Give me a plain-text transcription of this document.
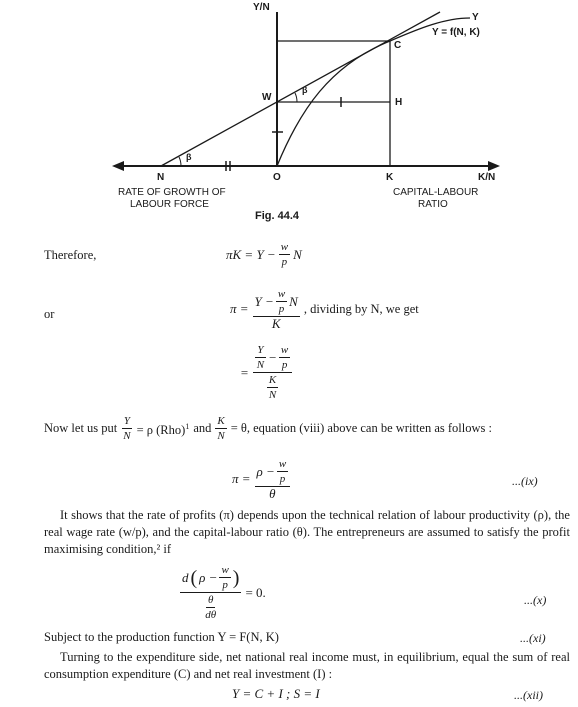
Y/N
Y
Y = f(N, K)
C
W	H
β
β
N	O	K	K/N
RATE OF GROWTH OF
LABOUR FORCE
CAPITAL-LABOUR
RATIO
Fig. 44.4
Therefore,	$\pi K = Y - \frac{w}{p}$ N
or	$\pi = \frac{Y - \frac{w}{p} N}{K}$ , dividing by N, we get
= $\frac{\frac{Y}{N} - \frac{w}{p}}{\frac{K}{N}}$
Now let us put $\frac{Y}{N} = \rho$ (Rho)$^1$ and $\frac{K}{N} = \theta$, equation (viii) above can be written as follows :
$\pi = \frac{\rho - \frac{w}{p}}{\theta}$	...(ix)
It shows that the rate of profits (π) depends upon the technical relation of labour productivity (ρ), the real wage rate (w/p), and the capital-labour ratio (θ). The entrepreneurs are assumed to satisfy the profit maximising condition,² if
d ( $\rho - \frac{w}{p}$ )
$\frac{\theta}{d\theta}$
= 0.
...(x)
Subject to the production function Y = F(N, K)	...(xi)
Turning to the expenditure side, net national real income must, in equilibrium, equal the sum of real consumption expenditure (C) and net real investment (I) :
Y = C + I ; S = I	...(xii)
